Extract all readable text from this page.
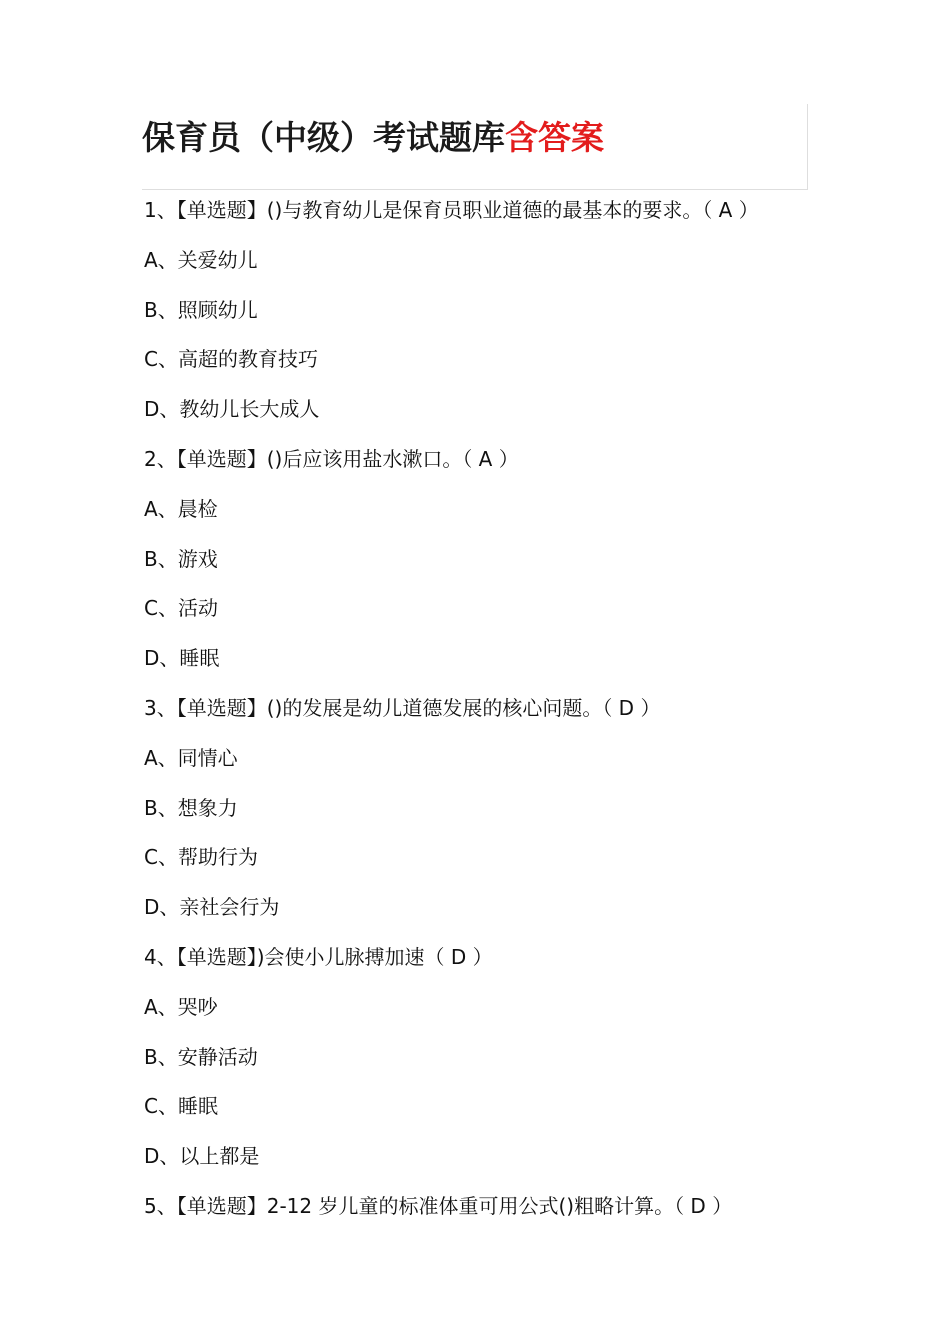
保育员（中级）考试题库含答案
1、【单选题】()与教育幼儿是保育员职业道德的最基本的要求。（ A ）
A、关爱幼儿
B、照顾幼儿
C、高超的教育技巧
D、教幼儿长大成人
2、【单选题】()后应该用盐水漱口。（ A ）
A、晨检
B、游戏
C、活动
D、睡眠
3、【单选题】()的发展是幼儿道德发展的核心问题。（ D ）
A、同情心
B、想象力
C、帮助行为
D、亲社会行为
4、【单选题】)会使小儿脉搏加速（ D ）
A、哭吵
B、安静活动
C、睡眠
D、以上都是
5、【单选题】2-12 岁儿童的标准体重可用公式()粗略计算。（ D ）
